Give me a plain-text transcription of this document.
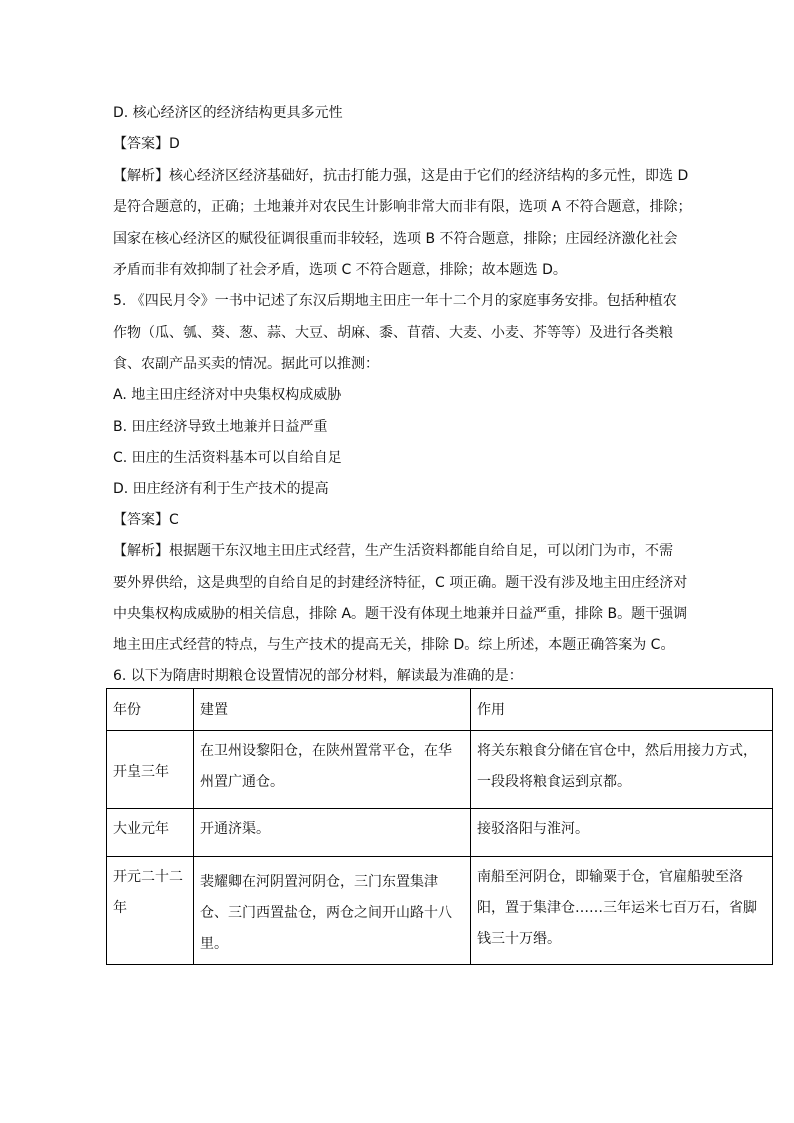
D. 核心经济区的经济结构更具多元性
【答案】D
【解析】核心经济区经济基础好，抗击打能力强，这是由于它们的经济结构的多元性，即选 D
是符合题意的，正确；土地兼并对农民生计影响非常大而非有限，选项 A 不符合题意，排除；
国家在核心经济区的赋役征调很重而非较轻，选项 B 不符合题意，排除；庄园经济激化社会
矛盾而非有效抑制了社会矛盾，选项 C 不符合题意，排除；故本题选 D。
5. 《四民月令》一书中记述了东汉后期地主田庄一年十二个月的家庭事务安排。包括种植农
作物（瓜、瓠、葵、葱、蒜、大豆、胡麻、黍、苜蓿、大麦、小麦、芥等等）及进行各类粮
食、农副产品买卖的情况。据此可以推测：
A. 地主田庄经济对中央集权构成威胁
B. 田庄经济导致土地兼并日益严重
C. 田庄的生活资料基本可以自给自足
D. 田庄经济有利于生产技术的提高
【答案】C
【解析】根据题干东汉地主田庄式经营，生产生活资料都能自给自足，可以闭门为市，不需
要外界供给，这是典型的自给自足的封建经济特征，C 项正确。题干没有涉及地主田庄经济对
中央集权构成威胁的相关信息，排除 A。题干没有体现土地兼并日益严重，排除 B。题干强调
地主田庄式经营的特点，与生产技术的提高无关，排除 D。综上所述，本题正确答案为 C。
6. 以下为隋唐时期粮仓设置情况的部分材料，解读最为准确的是：
年份	建置	作用
开皇三年	在卫州设黎阳仓，在陕州置常平仓，在华州置广通仓。	将关东粮食分储在官仓中，然后用接力方式，一段段将粮食运到京都。
大业元年	开通济渠。	接驳洛阳与淮河。
开元二十二年	裴耀卿在河阴置河阴仓，三门东置集津仓、三门西置盐仓，两仓之间开山路十八里。	南船至河阴仓，即输粟于仓，官雇船驶至洛阳，置于集津仓……三年运米七百万石，省脚钱三十万缗。
